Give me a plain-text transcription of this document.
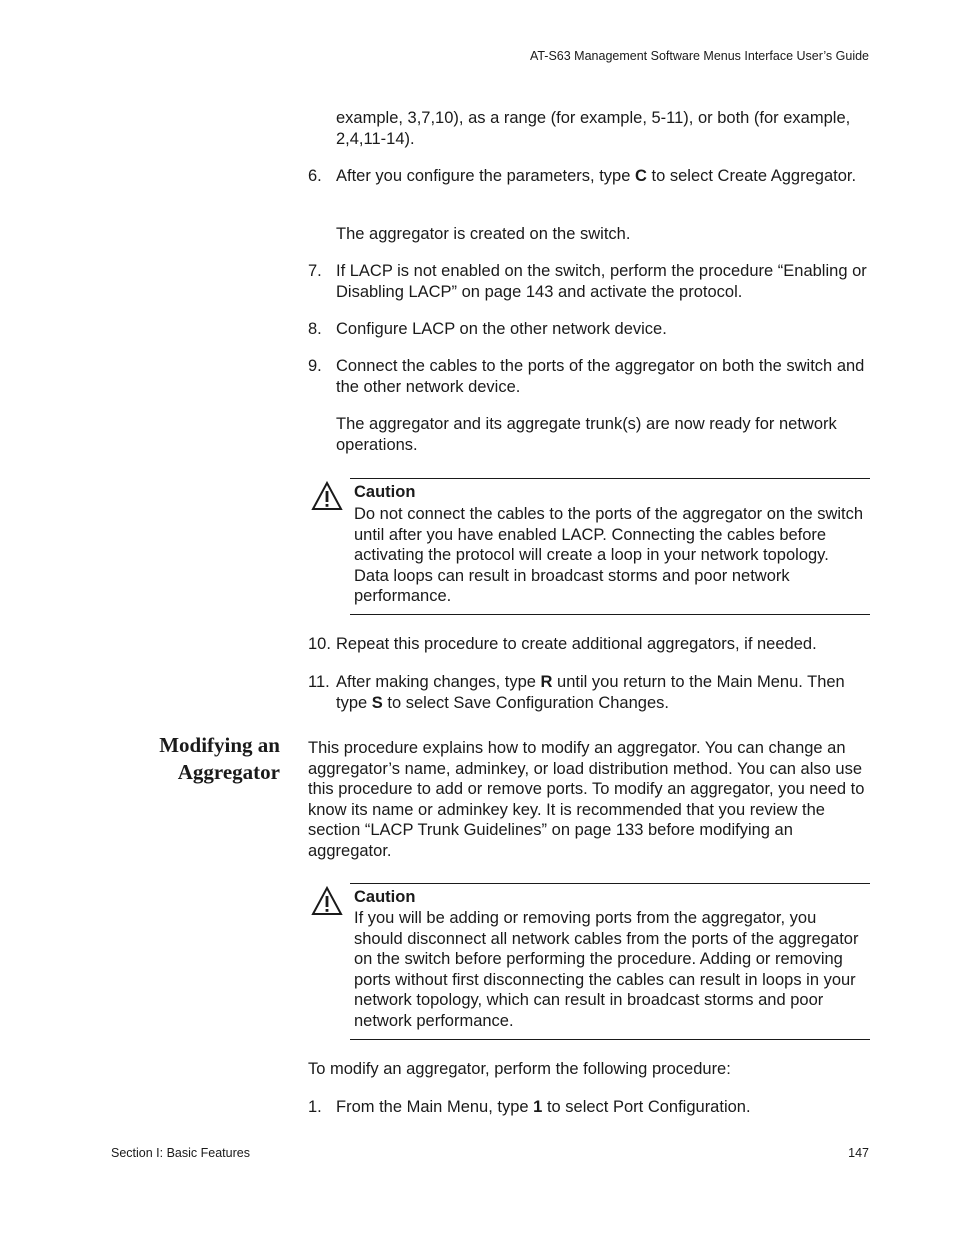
AT-S63 Management Software Menus Interface User’s Guide
example, 3,7,10), as a range (for example, 5-11), or both (for example, 2,4,11-14).
6. After you configure the parameters, type C to select Create Aggregator.
The aggregator is created on the switch.
7. If LACP is not enabled on the switch, perform the procedure “Enabling or Disabling LACP” on page 143 and activate the protocol.
8. Configure LACP on the other network device.
9. Connect the cables to the ports of the aggregator on both the switch and the other network device.
The aggregator and its aggregate trunk(s) are now ready for network operations.
Caution
Do not connect the cables to the ports of the aggregator on the switch until after you have enabled LACP. Connecting the cables before activating the protocol will create a loop in your network topology. Data loops can result in broadcast storms and poor network performance.
10. Repeat this procedure to create additional aggregators, if needed.
11. After making changes, type R until you return to the Main Menu. Then type S to select Save Configuration Changes.
Modifying an
Aggregator
This procedure explains how to modify an aggregator. You can change an aggregator’s name, adminkey, or load distribution method. You can also use this procedure to add or remove ports. To modify an aggregator, you need to know its name or adminkey key. It is recommended that you review the section “LACP Trunk Guidelines” on page 133 before modifying an aggregator.
Caution
If you will be adding or removing ports from the aggregator, you should disconnect all network cables from the ports of the aggregator on the switch before performing the procedure. Adding or removing ports without first disconnecting the cables can result in loops in your network topology, which can result in broadcast storms and poor network performance.
To modify an aggregator, perform the following procedure:
1. From the Main Menu, type 1 to select Port Configuration.
Section I: Basic Features	147
